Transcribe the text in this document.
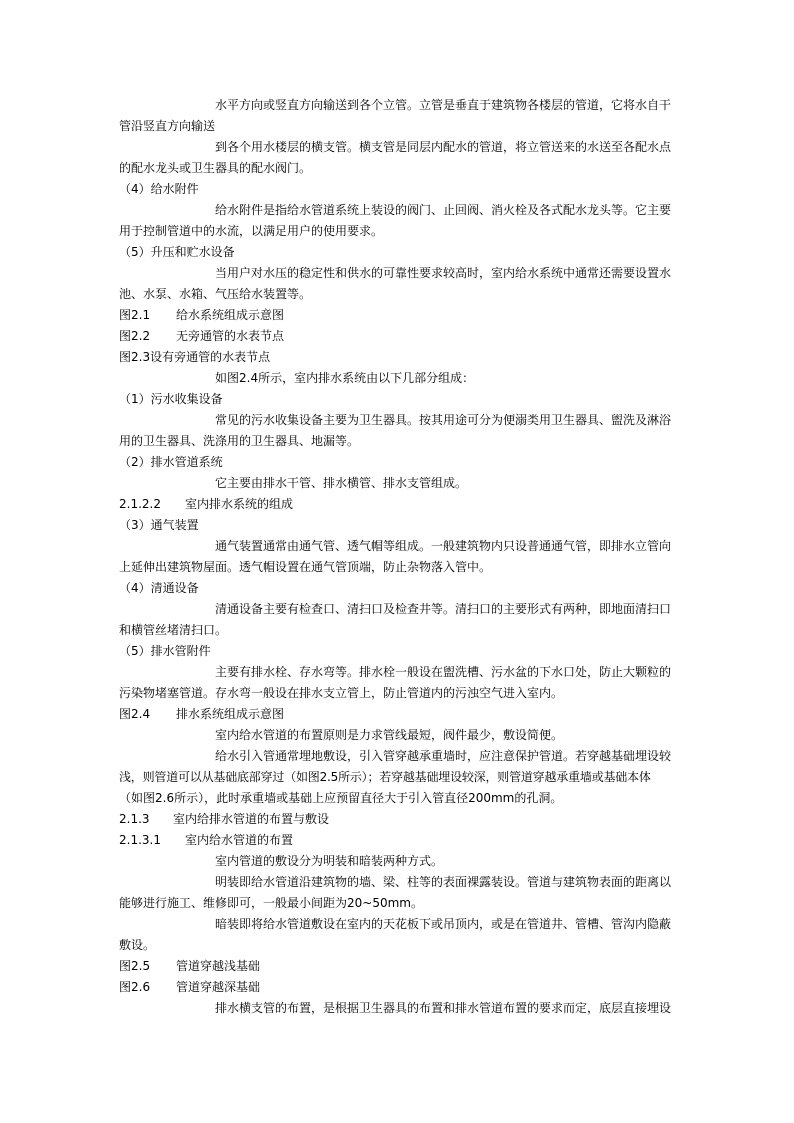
水平方向或竖直方向输送到各个立管。立管是垂直于建筑物各楼层的管道，它将水自干
管沿竖直方向输送
到各个用水楼层的横支管。横支管是同层内配水的管道，将立管送来的水送至各配水点
的配水龙头或卫生器具的配水阀门。
（4）给水附件
给水附件是指给水管道系统上装设的阀门、止回阀、消火栓及各式配水龙头等。它主要
用于控制管道中的水流，以满足用户的使用要求。
（5）升压和贮水设备
当用户对水压的稳定性和供水的可靠性要求较高时，室内给水系统中通常还需要设置水
池、水泵、水箱、气压给水装置等。
图2.1 给水系统组成示意图
图2.2 无旁通管的水表节点
图2.3设有旁通管的水表节点
如图2.4所示，室内排水系统由以下几部分组成：
（1）污水收集设备
常见的污水收集设备主要为卫生器具。按其用途可分为便溺类用卫生器具、盥洗及淋浴
用的卫生器具、洗涤用的卫生器具、地漏等。
（2）排水管道系统
它主要由排水干管、排水横管、排水支管组成。
2.1.2.2 室内排水系统的组成
（3）通气装置
通气装置通常由通气管、透气帽等组成。一般建筑物内只设普通通气管，即排水立管向
上延伸出建筑物屋面。透气帽设置在通气管顶端，防止杂物落入管中。
（4）清通设备
清通设备主要有检查口、清扫口及检查井等。清扫口的主要形式有两种，即地面清扫口
和横管丝堵清扫口。
（5）排水管附件
主要有排水栓、存水弯等。排水栓一般设在盥洗槽、污水盆的下水口处，防止大颗粒的
污染物堵塞管道。存水弯一般设在排水支立管上，防止管道内的污浊空气进入室内。
图2.4 排水系统组成示意图
室内给水管道的布置原则是力求管线最短，阀件最少，敷设简便。
给水引入管通常埋地敷设，引入管穿越承重墙时，应注意保护管道。若穿越基础埋设较
浅，则管道可以从基础底部穿过（如图2.5所示）；若穿越基础埋设较深，则管道穿越承重墙或基础本体
（如图2.6所示），此时承重墙或基础上应预留直径大于引入管直径200mm的孔洞。
2.1.3 室内给排水管道的布置与敷设
2.1.3.1 室内给水管道的布置
室内管道的敷设分为明装和暗装两种方式。
明装即给水管道沿建筑物的墙、梁、柱等的表面裸露装设。管道与建筑物表面的距离以
能够进行施工、维修即可，一般最小间距为20~50mm。
暗装即将给水管道敷设在室内的天花板下或吊顶内，或是在管道井、管槽、管沟内隐蔽
敷设。
图2.5 管道穿越浅基础
图2.6 管道穿越深基础
排水横支管的布置，是根据卫生器具的布置和排水管道布置的要求而定，底层直接埋设
